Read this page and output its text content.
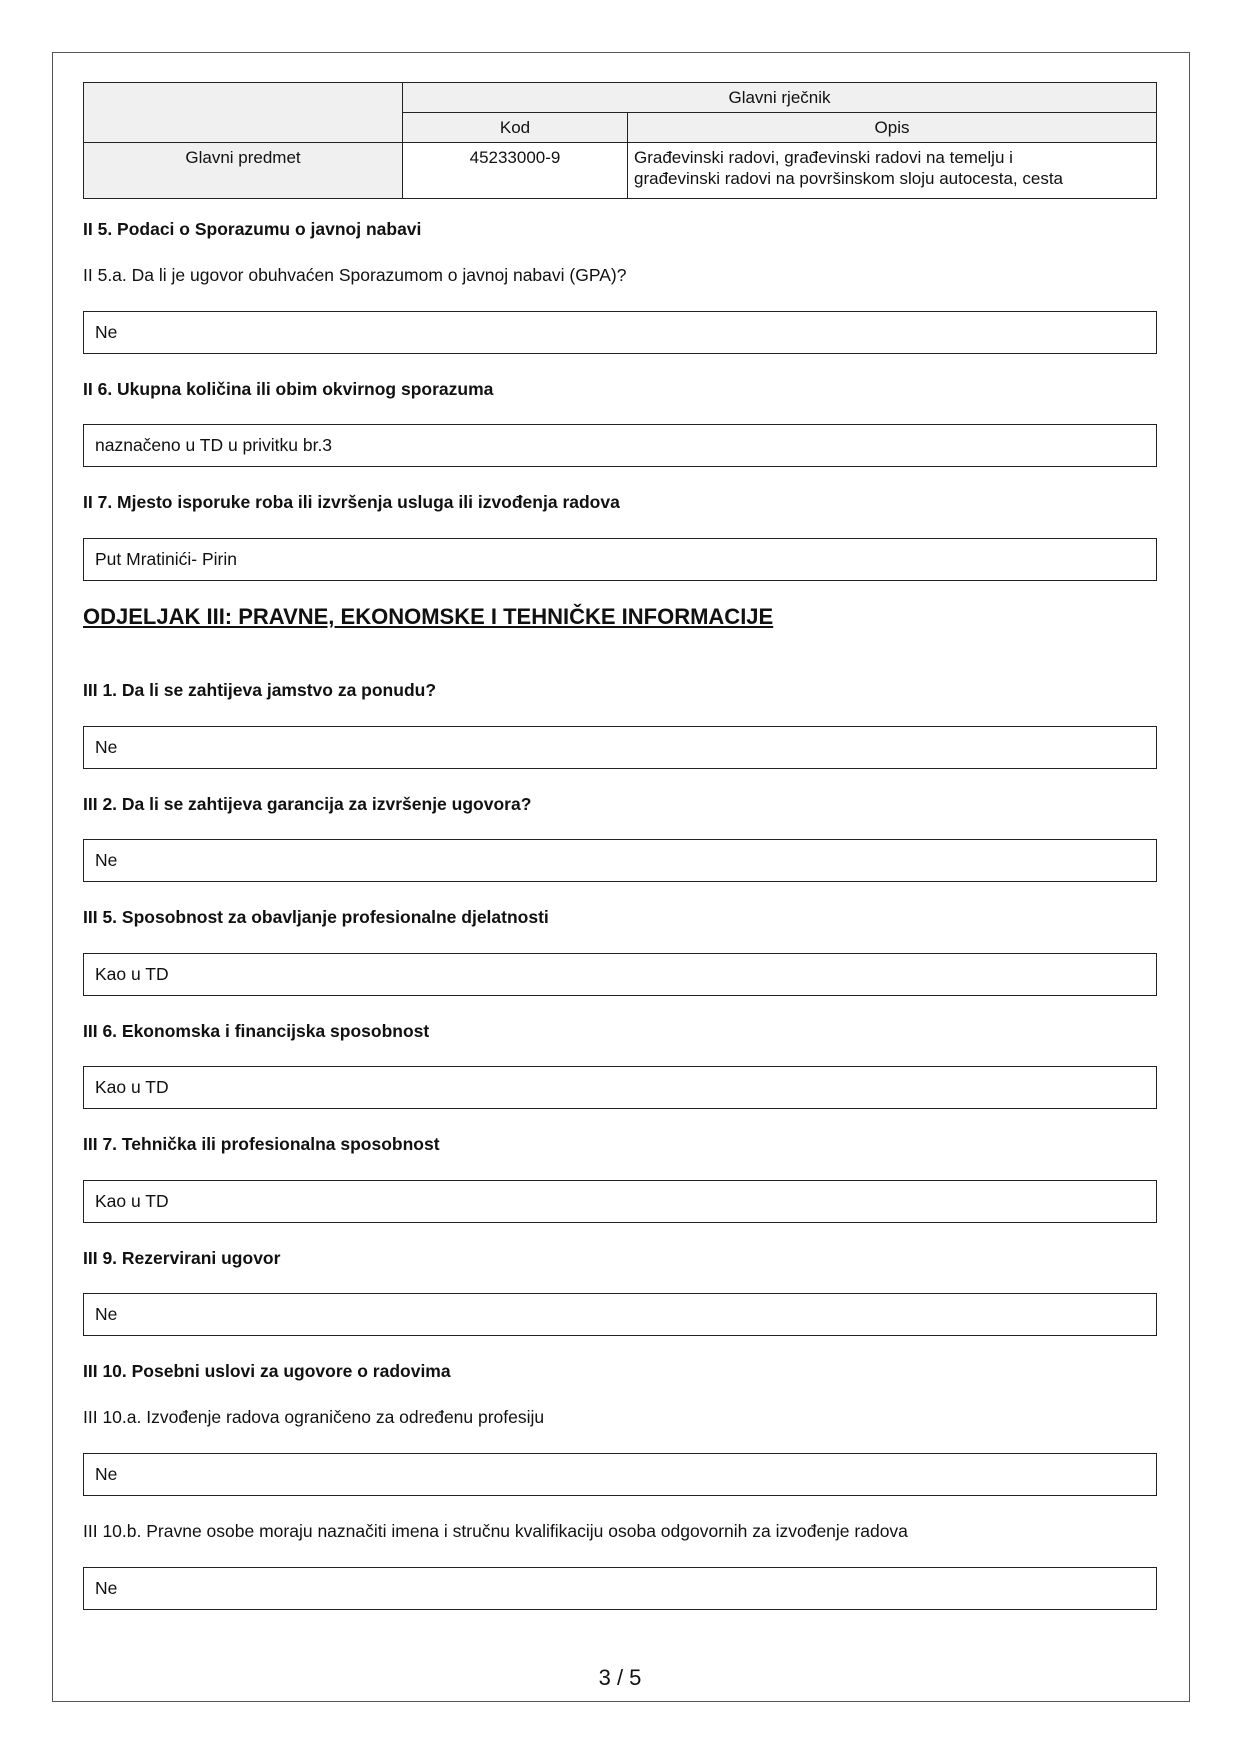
	Glavni rječnik	
	Kod	Opis
Glavni predmet	45233000-9	Građevinski radovi, građevinski radovi na temelju i
građevinski radovi na površinskom sloju autocesta, cesta
II 5. Podaci o Sporazumu o javnoj nabavi
II 5.a. Da li je ugovor obuhvaćen Sporazumom o javnoj nabavi (GPA)?
Ne
II 6. Ukupna količina ili obim okvirnog sporazuma
naznačeno u TD u privitku br.3
II 7. Mjesto isporuke roba ili izvršenja usluga ili izvođenja radova
Put Mratinići- Pirin
ODJELJAK III: PRAVNE, EKONOMSKE I TEHNIČKE INFORMACIJE
III 1. Da li se zahtijeva jamstvo za ponudu?
Ne
III 2. Da li se zahtijeva garancija za izvršenje ugovora?
Ne
III 5. Sposobnost za obavljanje profesionalne djelatnosti
Kao u TD
III 6. Ekonomska i financijska sposobnost
Kao u TD
III 7. Tehnička ili profesionalna sposobnost
Kao u TD
III 9. Rezervirani ugovor
Ne
III 10. Posebni uslovi za ugovore o radovima
III 10.a. Izvođenje radova ograničeno za određenu profesiju
Ne
III 10.b. Pravne osobe moraju naznačiti imena i stručnu kvalifikaciju osoba odgovornih za izvođenje radova
Ne
3 / 5
